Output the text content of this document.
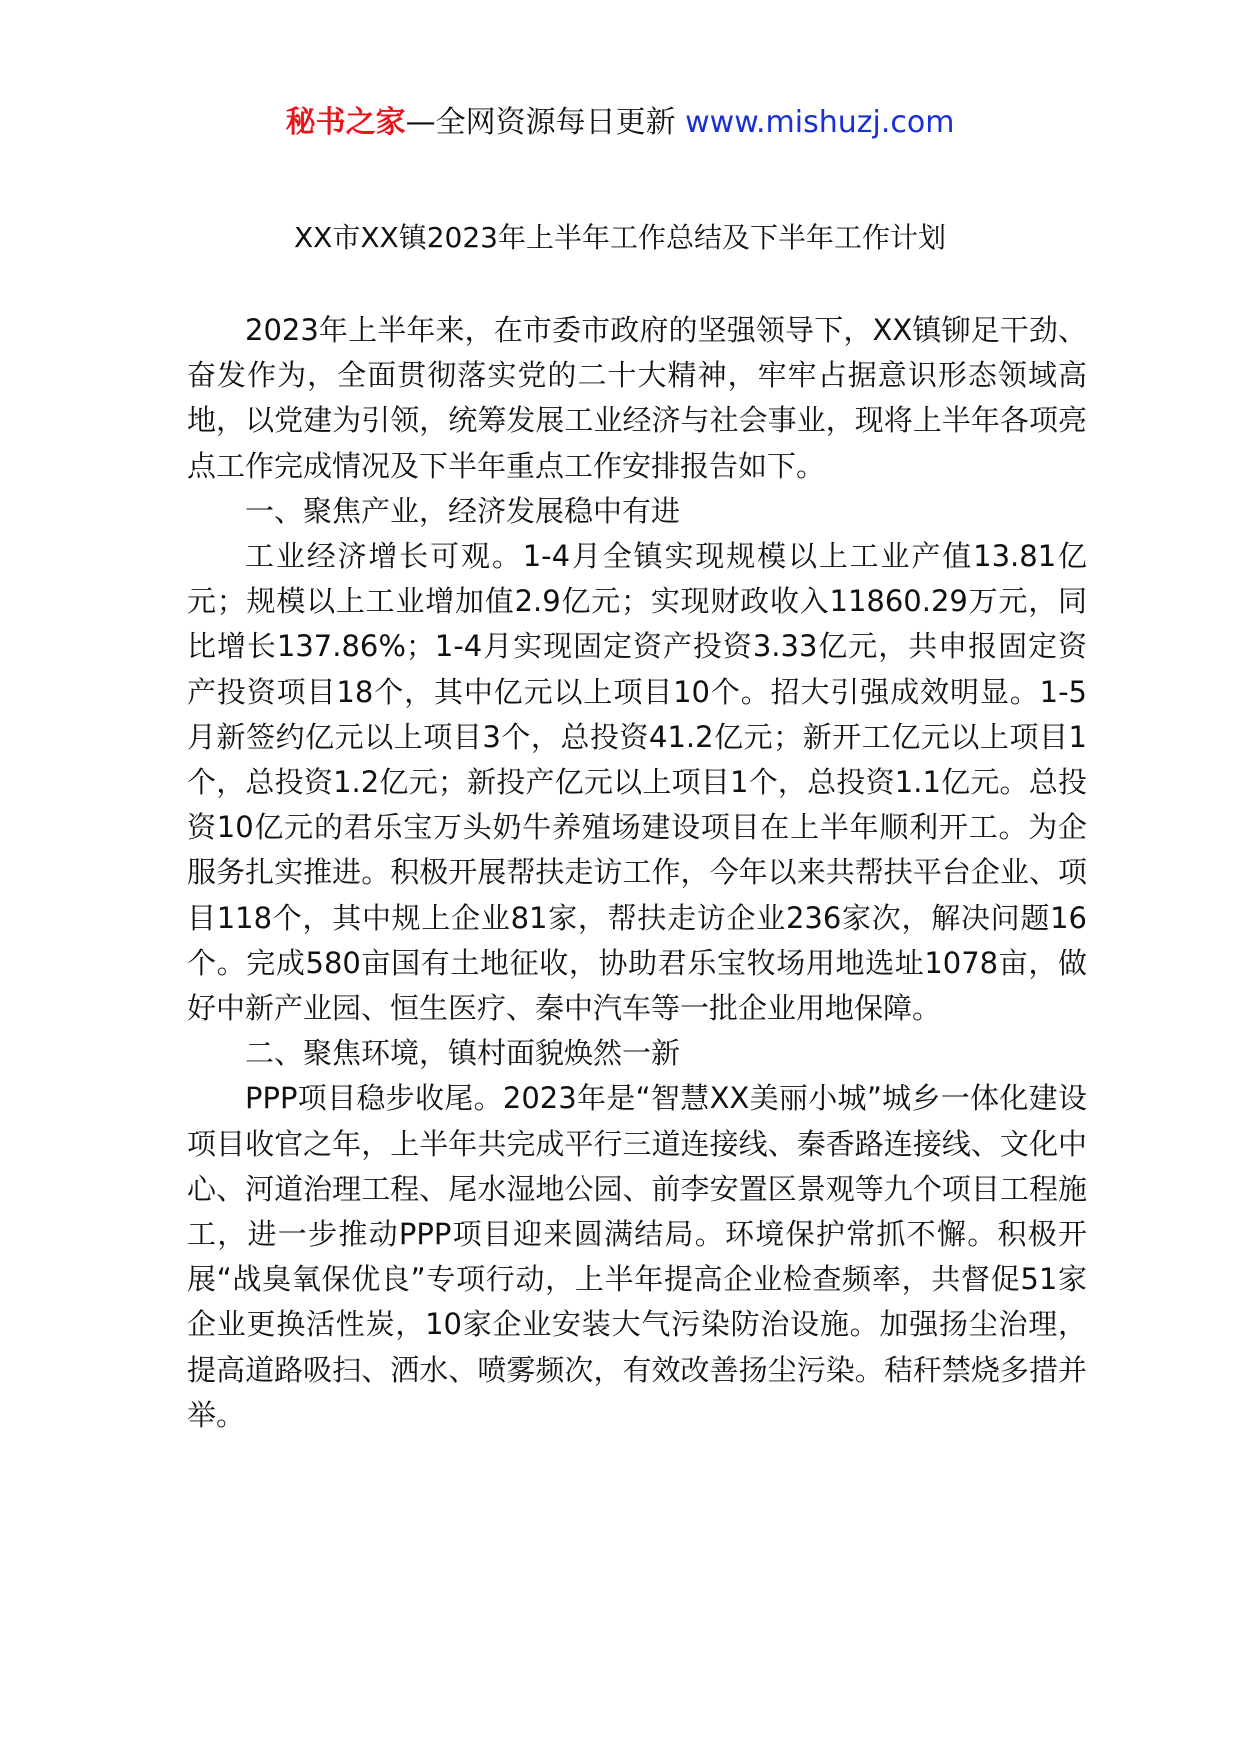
秘书之家—全网资源每日更新 www.mishuzj.com
XX市XX镇2023年上半年工作总结及下半年工作计划

2023年上半年来，在市委市政府的坚强领导下，XX镇铆足干劲、奋发作为，全面贯彻落实党的二十大精神，牢牢占据意识形态领域高地，以党建为引领，统筹发展工业经济与社会事业，现将上半年各项亮点工作完成情况及下半年重点工作安排报告如下。

一、聚焦产业，经济发展稳中有进

工业经济增长可观。1-4月全镇实现规模以上工业产值13.81亿元；规模以上工业增加值2.9亿元；实现财政收入11860.29万元，同比增长137.86%；1-4月实现固定资产投资3.33亿元，共申报固定资产投资项目18个，其中亿元以上项目10个。招大引强成效明显。1-5月新签约亿元以上项目3个，总投资41.2亿元；新开工亿元以上项目1个，总投资1.2亿元；新投产亿元以上项目1个，总投资1.1亿元。总投资10亿元的君乐宝万头奶牛养殖场建设项目在上半年顺利开工。为企服务扎实推进。积极开展帮扶走访工作，今年以来共帮扶平台企业、项目118个，其中规上企业81家，帮扶走访企业236家次，解决问题16个。完成580亩国有土地征收，协助君乐宝牧场用地选址1078亩，做好中新产业园、恒生医疗、秦中汽车等一批企业用地保障。

二、聚焦环境，镇村面貌焕然一新

PPP项目稳步收尾。2023年是“智慧XX美丽小城”城乡一体化建设项目收官之年，上半年共完成平行三道连接线、秦香路连接线、文化中心、河道治理工程、尾水湿地公园、前李安置区景观等九个项目工程施工，进一步推动PPP项目迎来圆满结局。环境保护常抓不懈。积极开展“战臭氧保优良”专项行动，上半年提高企业检查频率，共督促51家企业更换活性炭，10家企业安装大气污染防治设施。加强扬尘治理，提高道路吸扫、洒水、喷雾频次，有效改善扬尘污染。秸秆禁烧多措并举。
